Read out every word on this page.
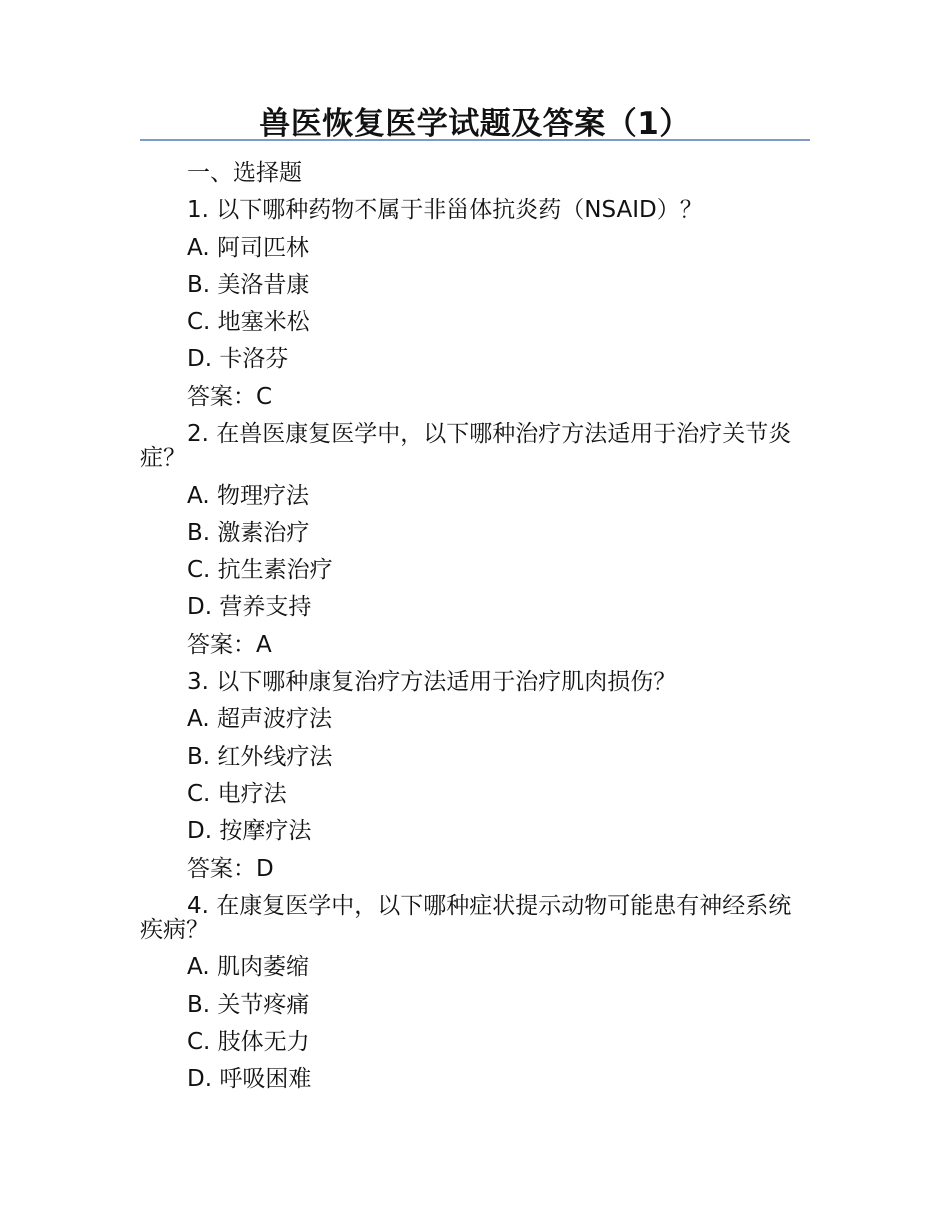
兽医恢复医学试题及答案（1）
一、选择题
1. 以下哪种药物不属于非甾体抗炎药（NSAID）？
A. 阿司匹林
B. 美洛昔康
C. 地塞米松
D. 卡洛芬
答案：C
2. 在兽医康复医学中，以下哪种治疗方法适用于治疗关节炎症？
A. 物理疗法
B. 激素治疗
C. 抗生素治疗
D. 营养支持
答案：A
3. 以下哪种康复治疗方法适用于治疗肌肉损伤？
A. 超声波疗法
B. 红外线疗法
C. 电疗法
D. 按摩疗法
答案：D
4. 在康复医学中，以下哪种症状提示动物可能患有神经系统疾病？
A. 肌肉萎缩
B. 关节疼痛
C. 肢体无力
D. 呼吸困难
